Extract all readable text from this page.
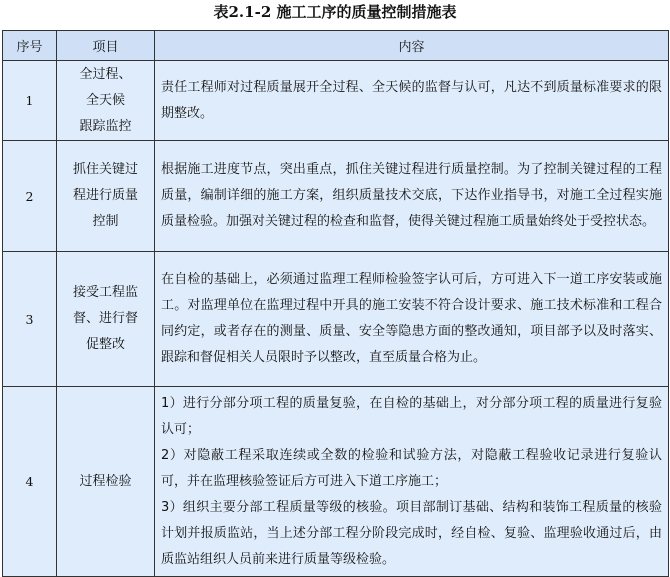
表2.1-2 施工工序的质量控制措施表
序号	项目	内容
1	全过程、
全天候
跟踪监控	责任工程师对过程质量展开全过程、全天候的监督与认可，凡达不到质量标准要求的限期整改。

2	抓住关键过
程进行质量
控制	根据施工进度节点，突出重点，抓住关键过程进行质量控制。为了控制关键过程的工程质量，编制详细的施工方案，组织质量技术交底，下达作业指导书，对施工全过程实施质量检验。加强对关键过程的检查和监督，使得关键过程施工质量始终处于受控状态。

3	接受工程监
督、进行督
促整改	在自检的基础上，必须通过监理工程师检验签字认可后，方可进入下一道工序安装或施工。对监理单位在监理过程中开具的施工安装不符合设计要求、施工技术标准和工程合同约定，或者存在的测量、质量、安全等隐患方面的整改通知，项目部予以及时落实、跟踪和督促相关人员限时予以整改，直至质量合格为止。

4	过程检验	1）进行分部分项工程的质量复验，在自检的基础上，对分部分项工程的质量进行复验认可；
2）对隐蔽工程采取连续或全数的检验和试验方法，对隐蔽工程验收记录进行复验认可，并在监理核验签证后方可进入下道工序施工；
3）组织主要分部工程质量等级的核验。项目部制订基础、结构和装饰工程质量的核验计划并报质监站，当上述分部工程分阶段完成时，经自检、复验、监理验收通过后，由质监站组织人员前来进行质量等级检验。
